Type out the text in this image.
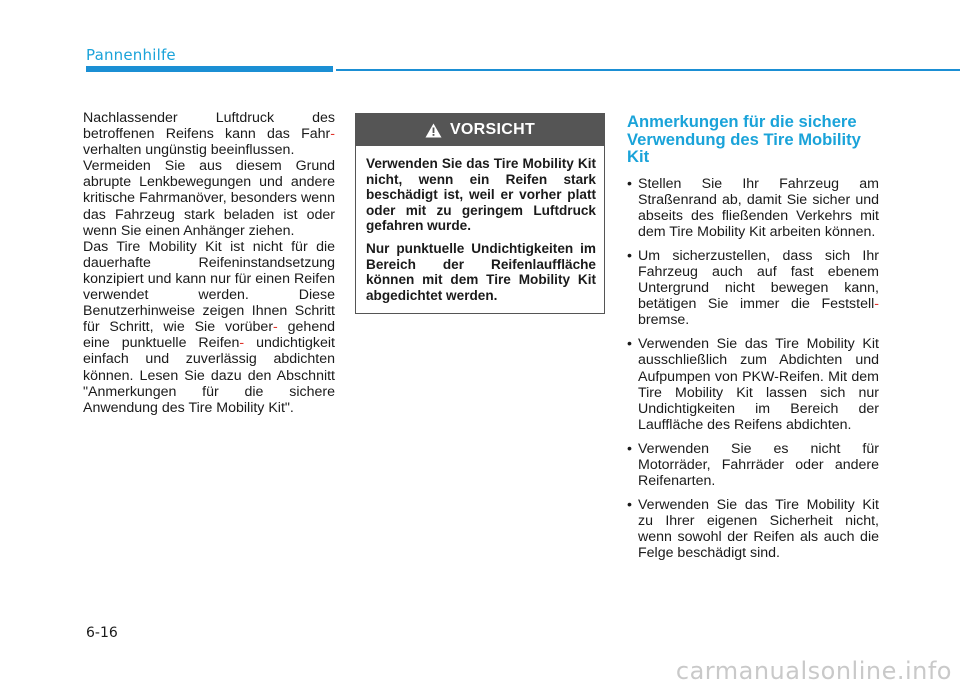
Pannenhilfe

Nachlassender Luftdruck des betroffenen Reifens kann das Fahr- verhalten ungünstig beeinflussen.

Vermeiden Sie aus diesem Grund abrupte Lenkbewegungen und andere kritische Fahrmanöver, besonders wenn das Fahrzeug stark beladen ist oder wenn Sie einen Anhänger ziehen.

Das Tire Mobility Kit ist nicht für die dauerhafte Reifeninstandsetzung konzipiert und kann nur für einen Reifen verwendet werden. Diese Benutzerhinweise zeigen Ihnen Schritt für Schritt, wie Sie vorüber- gehend eine punktuelle Reifen- undichtigkeit einfach und zuverlässig abdichten können. Lesen Sie dazu den Abschnitt "Anmerkungen für die sichere Anwendung des Tire Mobility Kit".

VORSICHT

Verwenden Sie das Tire Mobility Kit nicht, wenn ein Reifen stark beschädigt ist, weil er vorher platt oder mit zu geringem Luftdruck gefahren wurde.

Nur punktuelle Undichtigkeiten im Bereich der Reifenlauffläche können mit dem Tire Mobility Kit abgedichtet werden.

Anmerkungen für die sichere Verwendung des Tire Mobility Kit
• Stellen Sie Ihr Fahrzeug am Straßenrand ab, damit Sie sicher und abseits des fließenden Verkehrs mit dem Tire Mobility Kit arbeiten können.
• Um sicherzustellen, dass sich Ihr Fahrzeug auch auf fast ebenem Untergrund nicht bewegen kann, betätigen Sie immer die Feststell- bremse.
• Verwenden Sie das Tire Mobility Kit ausschließlich zum Abdichten und Aufpumpen von PKW-Reifen. Mit dem Tire Mobility Kit lassen sich nur Undichtigkeiten im Bereich der Lauffläche des Reifens abdichten.
• Verwenden Sie es nicht für Motorräder, Fahrräder oder andere Reifenarten.
• Verwenden Sie das Tire Mobility Kit zu Ihrer eigenen Sicherheit nicht, wenn sowohl der Reifen als auch die Felge beschädigt sind.
6-16
carmanualsonline.info
